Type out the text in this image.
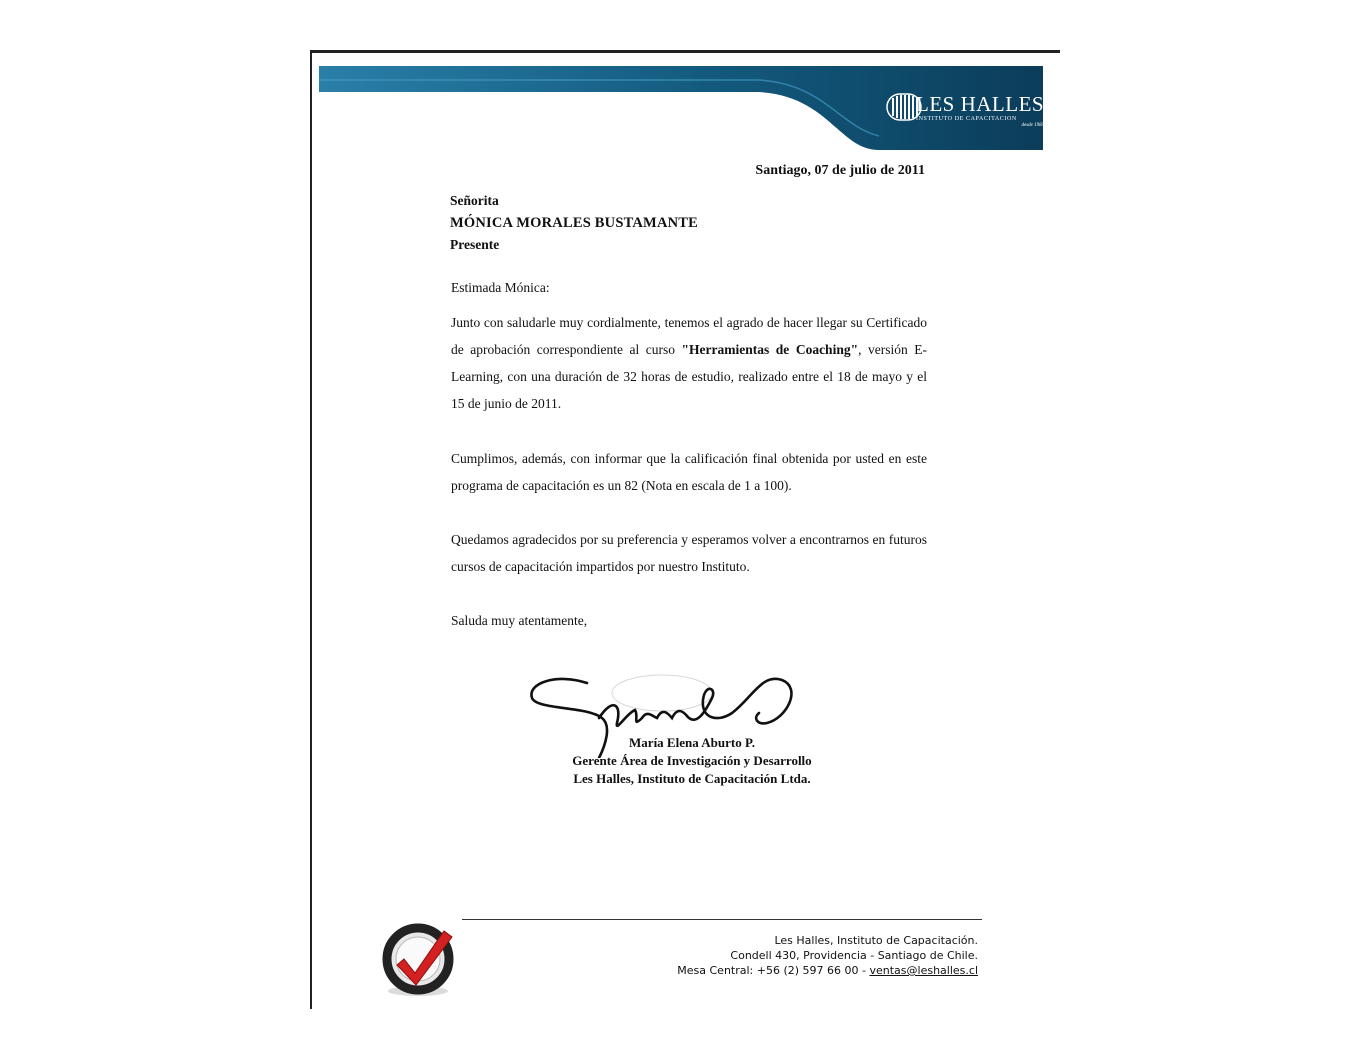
LES HALLES
INSTITUTO DE CAPACITACION
desde 1985
Santiago, 07 de julio de 2011
Señorita
MÓNICA MORALES BUSTAMANTE
Presente
Estimada Mónica:
Junto con saludarle muy cordialmente, tenemos el agrado de hacer llegar su Certificado de aprobación correspondiente al curso "Herramientas de Coaching", versión E-Learning, con una duración de 32 horas de estudio, realizado entre el 18 de mayo y el 15 de junio de 2011.
Cumplimos, además, con informar que la calificación final obtenida por usted en este programa de capacitación es un 82 (Nota en escala de 1 a 100).
Quedamos agradecidos por su preferencia y esperamos volver a encontrarnos en futuros cursos de capacitación impartidos por nuestro Instituto.
Saluda muy atentamente,
María Elena Aburto P.
Gerente Área de Investigación y Desarrollo
Les Halles, Instituto de Capacitación Ltda.
Les Halles, Instituto de Capacitación.
Condell 430, Providencia - Santiago de Chile.
Mesa Central: +56 (2) 597 66 00 - ventas@leshalles.cl
